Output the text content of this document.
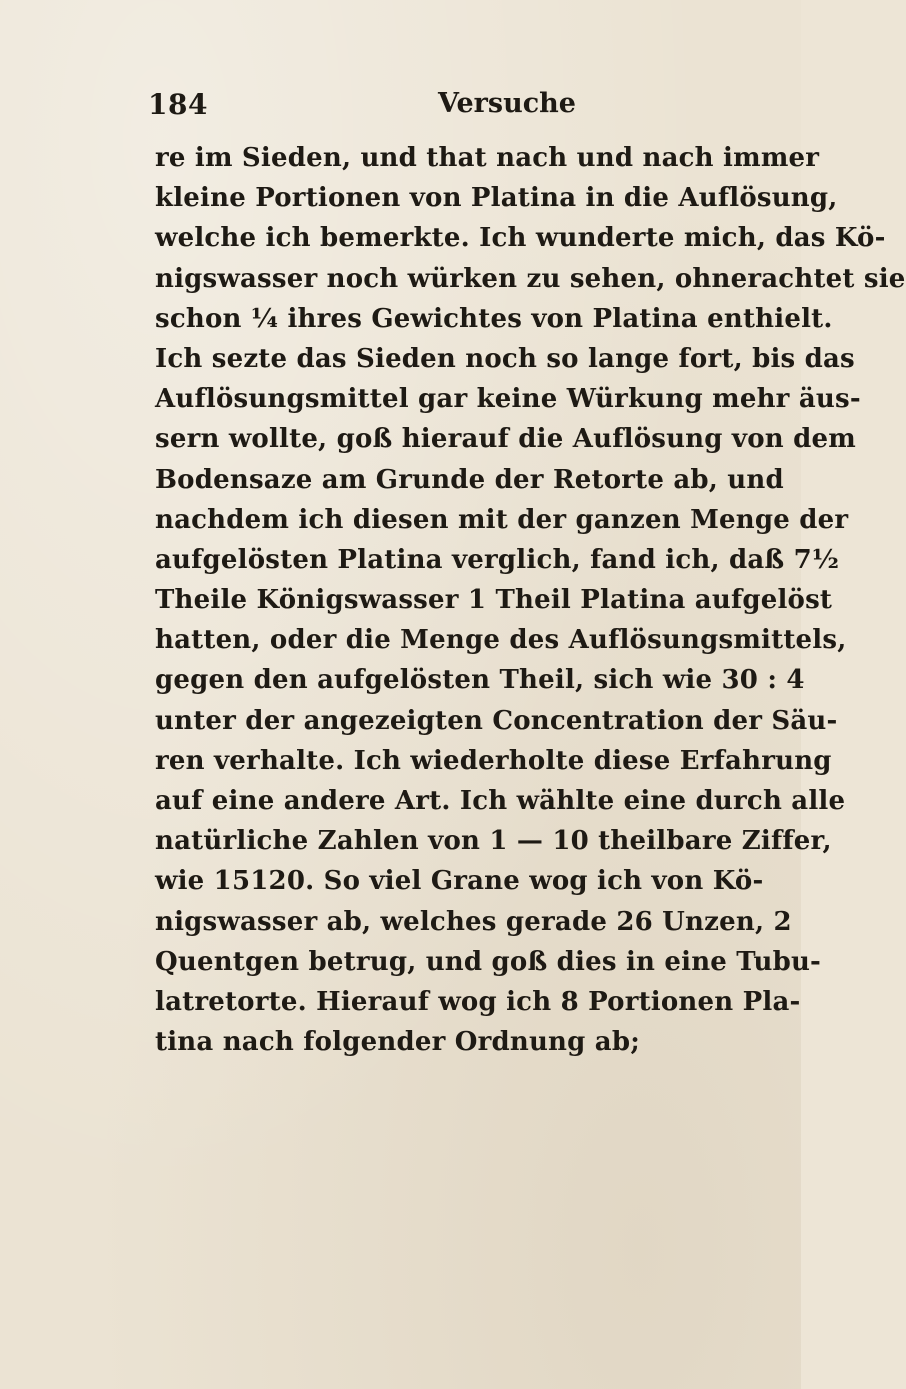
184	Versuche
re im Sieden, und that nach und nach immer
kleine Portionen von Platina in die Auflösung,
welche ich bemerkte. Ich wunderte mich, das Kö-
nigswasser noch würken zu sehen, ohnerachtet sie
schon ¼ ihres Gewichtes von Platina enthielt.
Ich sezte das Sieden noch so lange fort, bis das
Auflösungsmittel gar keine Würkung mehr äus-
sern wollte, goß hierauf die Auflösung von dem
Bodensaze am Grunde der Retorte ab, und
nachdem ich diesen mit der ganzen Menge der
aufgelösten Platina verglich, fand ich, daß 7½
Theile Königswasser 1 Theil Platina aufgelöst
hatten, oder die Menge des Auflösungsmittels,
gegen den aufgelösten Theil, sich wie 30 : 4
unter der angezeigten Concentration der Säu-
ren verhalte. Ich wiederholte diese Erfahrung
auf eine andere Art. Ich wählte eine durch alle
natürliche Zahlen von 1 — 10 theilbare Ziffer,
wie 15120. So viel Grane wog ich von Kö-
nigswasser ab, welches gerade 26 Unzen, 2
Quentgen betrug, und goß dies in eine Tubu-
latretorte. Hierauf wog ich 8 Portionen Pla-
tina nach folgender Ordnung ab;
